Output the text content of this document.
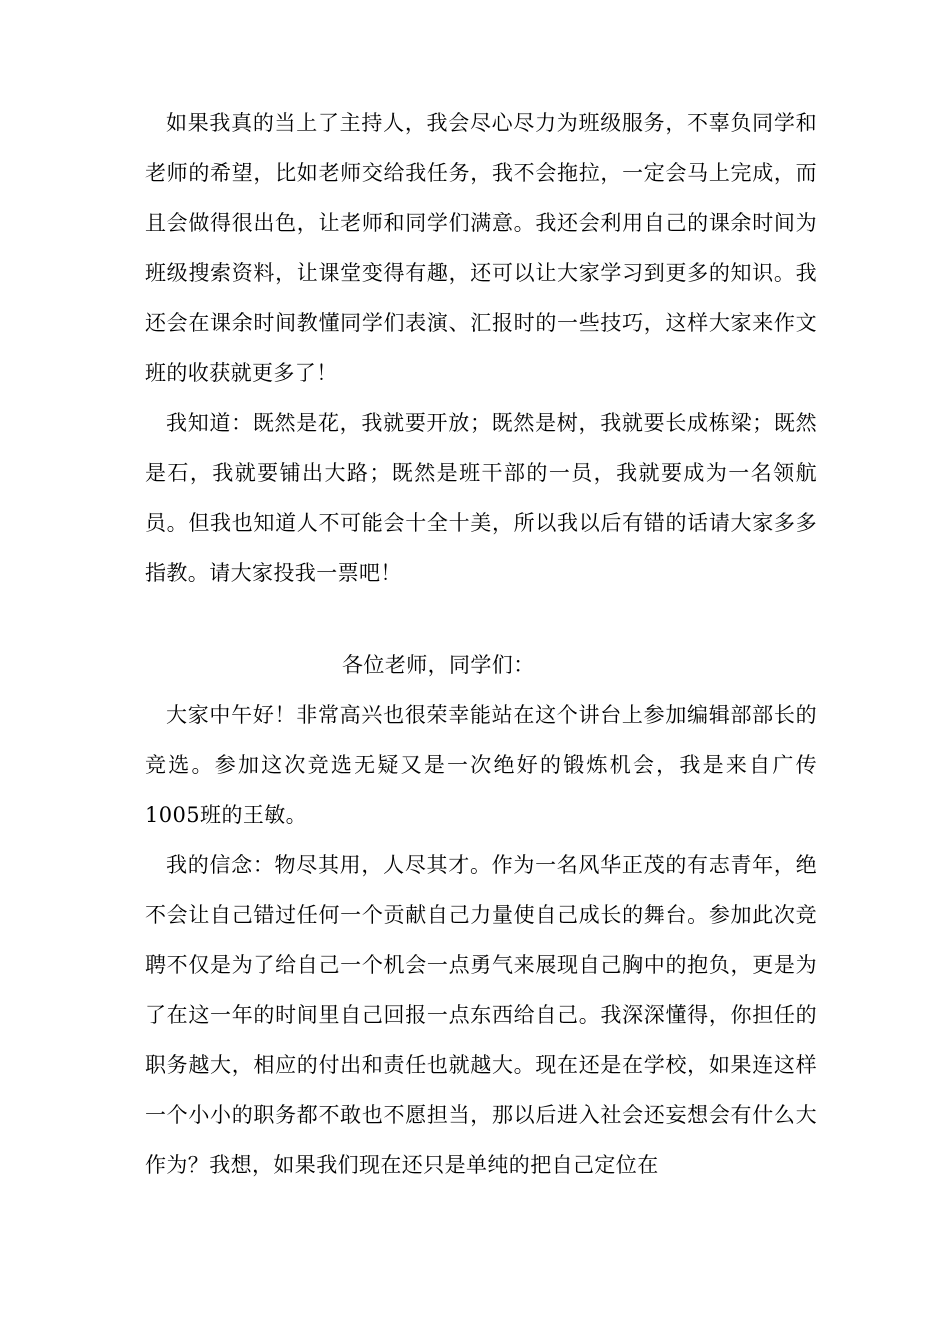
如果我真的当上了主持人，我会尽心尽力为班级服务，不辜负同学和老师的希望，比如老师交给我任务，我不会拖拉，一定会马上完成，而且会做得很出色，让老师和同学们满意。我还会利用自己的课余时间为班级搜索资料，让课堂变得有趣，还可以让大家学习到更多的知识。我还会在课余时间教懂同学们表演、汇报时的一些技巧，这样大家来作文班的收获就更多了！

我知道：既然是花，我就要开放；既然是树，我就要长成栋梁；既然是石，我就要铺出大路；既然是班干部的一员，我就要成为一名领航员。但我也知道人不可能会十全十美，所以我以后有错的话请大家多多指教。请大家投我一票吧！

各位老师，同学们：

大家中午好！非常高兴也很荣幸能站在这个讲台上参加编辑部部长的竞选。参加这次竞选无疑又是一次绝好的锻炼机会，我是来自广传1005班的王敏。

我的信念：物尽其用，人尽其才。作为一名风华正茂的有志青年，绝不会让自己错过任何一个贡献自己力量使自己成长的舞台。参加此次竞聘不仅是为了给自己一个机会一点勇气来展现自己胸中的抱负，更是为了在这一年的时间里自己回报一点东西给自己。我深深懂得，你担任的职务越大，相应的付出和责任也就越大。现在还是在学校，如果连这样一个小小的职务都不敢也不愿担当，那以后进入社会还妄想会有什么大作为？我想，如果我们现在还只是单纯的把自己定位在
